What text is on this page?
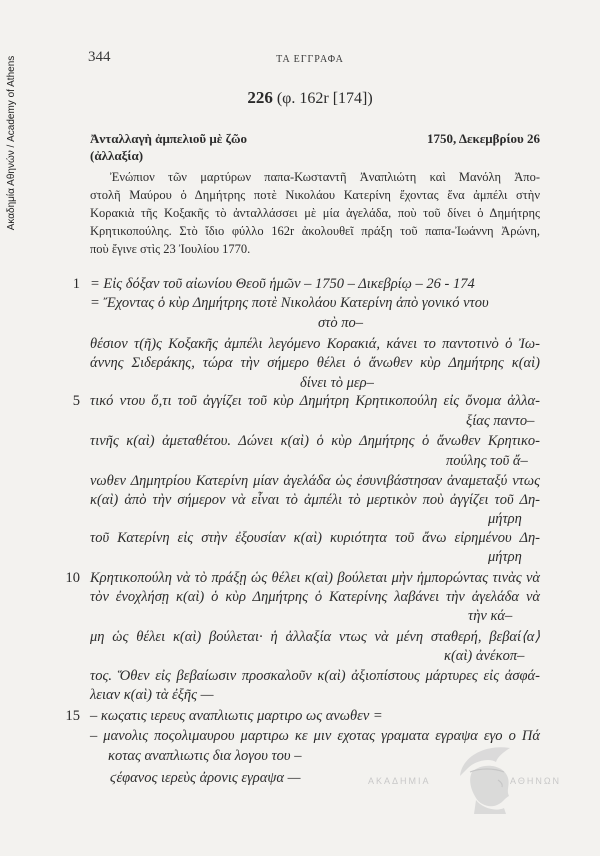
Ακαδημία Αθηνών / Academy of Athens	344	ΤΑ ΕΓΓΡΑΦΑ
226 (φ. 162r [174])
Ἀνταλλαγὴ ἀμπελιοῦ μὲ ζῶο
(ἀλλαξία)
1750, Δεκεμβρίου 26
Ἐνώπιον τῶν μαρτύρων παπα-Κωσταντῆ Ἀναπλιώτη καὶ Μανόλη Ἀπο-
στολῆ Μαύρου ὁ Δημήτρης ποτὲ Νικολάου Κατερίνη ἔχοντας ἕνα ἀμπέλι στὴν
Κορακιὰ τῆς Κοξακῆς τὸ ἀνταλλάσσει μὲ μία ἀγελάδα, ποὺ τοῦ δίνει ὁ Δημήτρης
Κρητικοπούλης. Στὸ ἴδιο φύλλο 162r ἀκολουθεῖ πράξη τοῦ παπα-Ἰωάννη Ἀρώνη,
ποὺ ἔγινε στὶς 23 Ἰουλίου 1770.
1
5
10
15
= Εἰς δόξαν τοῦ αἰωνίου Θεοῦ ἡμῶν – 1750 – Δικεβρίῳ – 26 - 174
= Ἔχοντας ὁ κὺρ Δημήτρης ποτὲ Νικολάου Κατερίνη ἀπὸ γονικό ντου
στὸ πο–
θέσιον τ(ῆ)ς Κοξακῆς ἀμπέλι λεγόμενο Κορακιά, κάνει το παντοτινὸ ὁ Ἰω-
άννης Σιδεράκης, τώρα τὴν σήμερο θέλει ὁ ἄνωθεν κὺρ Δημήτρης κ(αὶ)
δίνει τὸ μερ–
τικό ντου ὅ,τι τοῦ ἀγγίζει τοῦ κὺρ Δημήτρη Κρητικοπούλη εἰς ὄνομα ἀλλα-
ξίας παντο–
τινῆς κ(αὶ) ἀμεταθέτου. Δώνει κ(αὶ) ὁ κὺρ Δημήτρης ὁ ἄνωθεν Κρητικο-
πούλης τοῦ ἄ–
νωθεν Δημητρίου Κατερίνη μίαν ἀγελάδα ὡς ἐσυνιβάστησαν ἀναμεταξύ ντως
κ(αὶ) ἀπὸ τὴν σήμερον νὰ εἶναι τὸ ἀμπέλι τὸ μερτικὸν ποὺ ἀγγίζει τοῦ Δη-
μήτρη
τοῦ Κατερίνη εἰς στὴν ἐξουσίαν κ(αὶ) κυριότητα τοῦ ἄνω εἰρημένου Δη-
μήτρη
Κρητικοπούλη νὰ τὸ πράξῃ ὡς θέλει κ(αὶ) βούλεται μὴν ἠμπορώντας τινὰς νὰ
τὸν ἐνοχλήσῃ κ(αὶ) ὁ κὺρ Δημήτρης ὁ Κατερίνης λαβάνει τὴν ἀγελάδα νὰ
τὴν κά–
μη ὡς θέλει κ(αὶ) βούλεται· ἡ ἀλλαξία ντως νὰ μένη σταθερή, βεβαί⟨α⟩
κ(αὶ) ἀνέκοπ–
τος. Ὅθεν εἰς βεβαίωσιν προσκαλοῦν κ(αὶ) ἀξιοπίστους μάρτυρες εἰς ἀσφά-
λειαν κ(αὶ) τὰ ἐξῆς —
– κωςατις ιερευς αναπλιωτις μαρτιρο ως ανωθεν =
– μανολις ποςολιμαυρου μαρτιρω κε μιν εχοτας γραματα εγραψα εγο ο Πά
κοτας αναπλιωτις δια λογου του –
ϛέφανος ιερεὺς ἀρονις εγραψα —	ΑΚΑΔΗΜΙΑ	ΑΘΗΝΩΝ
